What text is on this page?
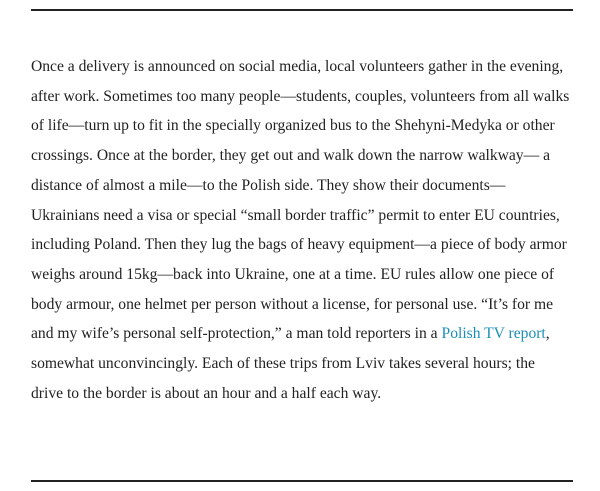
Once a delivery is announced on social media, local volunteers gather in the evening,
after work. Sometimes too many people—students, couples, volunteers from all walks
of life—turn up to fit in the specially organized bus to the Shehyni-Medyka or other
crossings. Once at the border, they get out and walk down the narrow walkway— a
distance of almost a mile—to the Polish side. They show their documents—
Ukrainians need a visa or special “small border traffic” permit to enter EU countries,
including Poland. Then they lug the bags of heavy equipment—a piece of body armor
weighs around 15kg—back into Ukraine, one at a time. EU rules allow one piece of
body armour, one helmet per person without a license, for personal use. “It’s for me
and my wife’s personal self-protection,” a man told reporters in a Polish TV report,
somewhat unconvincingly. Each of these trips from Lviv takes several hours; the
drive to the border is about an hour and a half each way.
